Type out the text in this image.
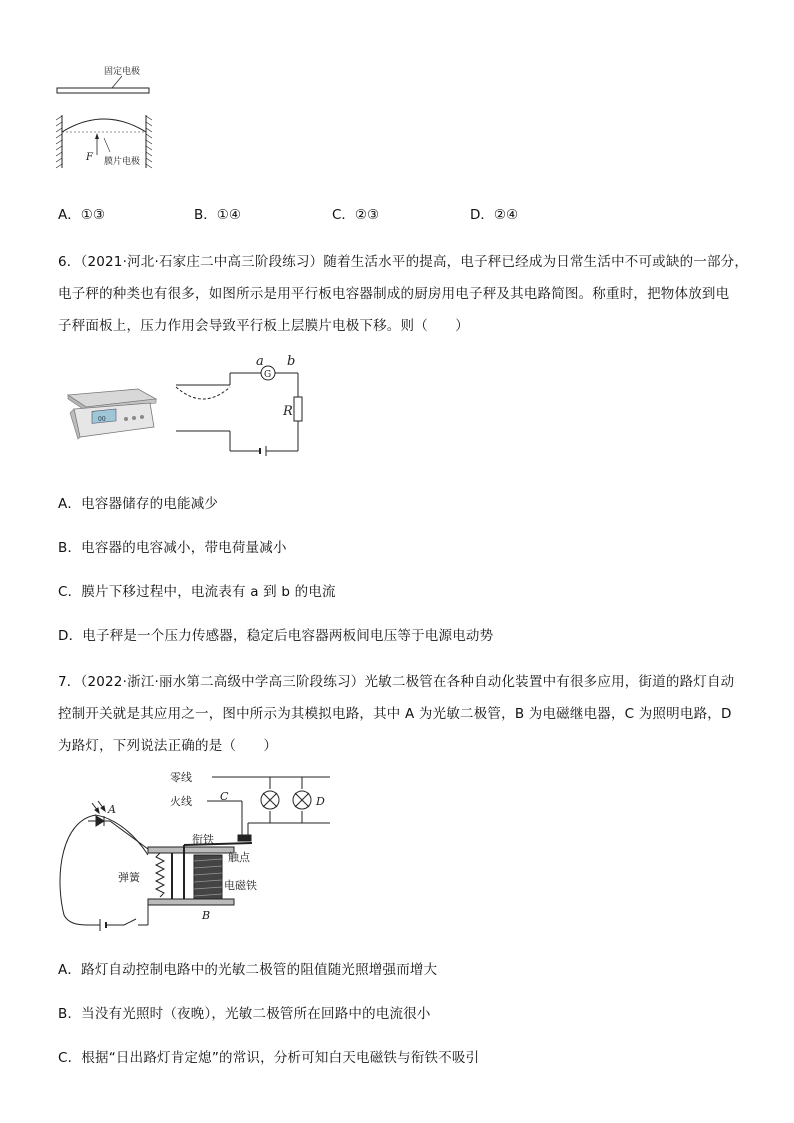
固定电极
F 膜片电极
A．①③	B．①④	C．②③	D．②④
6．（2021·河北·石家庄二中高三阶段练习）随着生活水平的提高，电子秤已经成为日常生活中不可或缺的一部分，
电子秤的种类也有很多，如图所示是用平行板电容器制成的厨房用电子秤及其电路简图。称重时，把物体放到电
子秤面板上，压力作用会导致平行板上层膜片电极下移。则（　　）
00
G
a b
R
A．电容器储存的电能减少
B．电容器的电容减小，带电荷量减小
C．膜片下移过程中，电流表有 a 到 b 的电流
D．电子秤是一个压力传感器，稳定后电容器两板间电压等于电源电动势
7．（2022·浙江·丽水第二高级中学高三阶段练习）光敏二极管在各种自动化装置中有很多应用，街道的路灯自动
控制开关就是其应用之一，图中所示为其模拟电路，其中 A 为光敏二极管，B 为电磁继电器，C 为照明电路，D
为路灯，下列说法正确的是（　　）
零线
火线	C	D
A
B
衔铁
弹簧
触点
电磁铁
A．路灯自动控制电路中的光敏二极管的阻值随光照增强而增大
B．当没有光照时（夜晚），光敏二极管所在回路中的电流很小
C．根据“日出路灯肯定熄”的常识，分析可知白天电磁铁与衔铁不吸引
